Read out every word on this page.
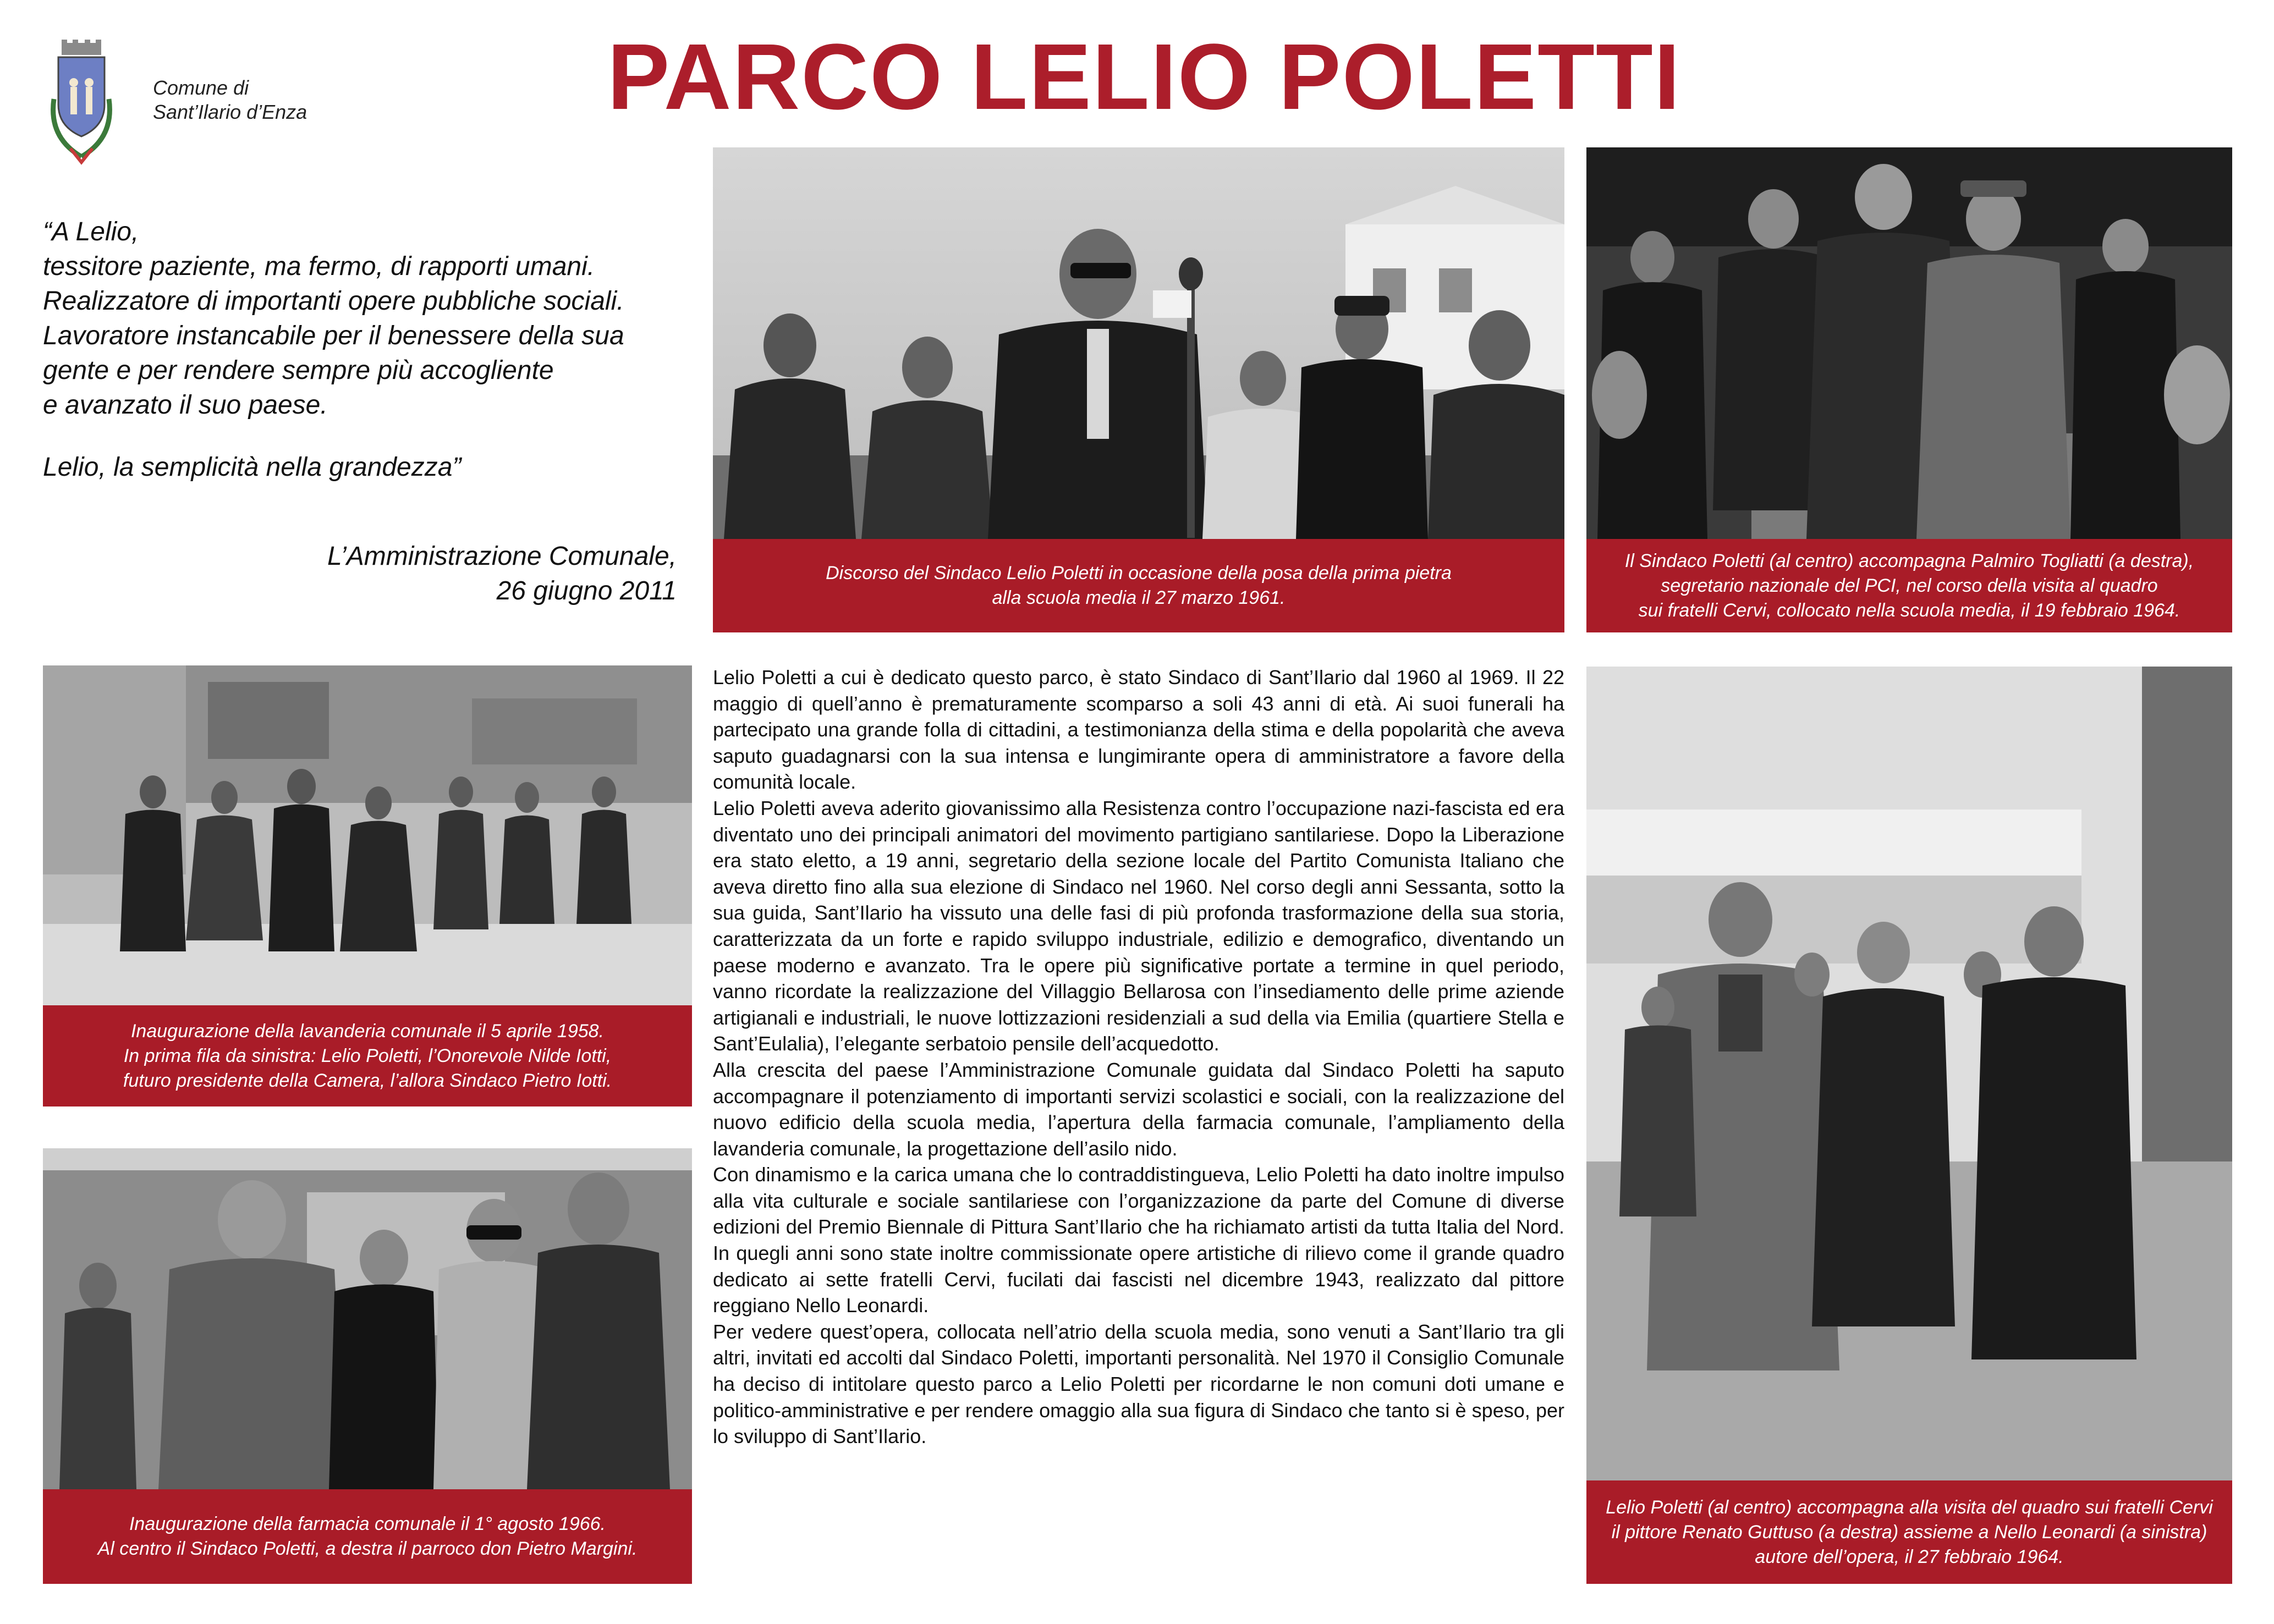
Comune di
Sant’Ilario d’Enza	PARCO LELIO POLETTI
“A Lelio,
tessitore paziente, ma fermo, di rapporti umani.
Realizzatore di importanti opere pubbliche sociali.
Lavoratore instancabile per il benessere della sua
gente e per rendere sempre più accogliente
e avanzato il suo paese.
Lelio, la semplicità nella grandezza”
L’Amministrazione Comunale,
26 giugno 2011
Discorso del Sindaco Lelio Poletti in occasione della posa della prima pietra
alla scuola media il 27 marzo 1961.
Il Sindaco Poletti (al centro) accompagna Palmiro Togliatti (a destra),
segretario nazionale del PCI, nel corso della visita al quadro
sui fratelli Cervi, collocato nella scuola media, il 19 febbraio 1964.
Inaugurazione della lavanderia comunale il 5 aprile 1958.
In prima fila da sinistra: Lelio Poletti, l’Onorevole Nilde Iotti,
futuro presidente della Camera, l’allora Sindaco Pietro Iotti.
Inaugurazione della farmacia comunale il 1° agosto 1966.
Al centro il Sindaco Poletti, a destra il parroco don Pietro Margini.
Lelio Poletti (al centro) accompagna alla visita del quadro sui fratelli Cervi
il pittore Renato Guttuso (a destra) assieme a Nello Leonardi (a sinistra)
autore dell’opera, il 27 febbraio 1964.

Lelio Poletti a cui è dedicato questo parco, è stato Sindaco di Sant’Ilario dal 1960 al 1969. Il 22 maggio di quell’anno è prematuramente scomparso a soli 43 anni di età. Ai suoi funerali ha partecipato una grande folla di cittadini, a testimonianza della stima e della popolarità che aveva saputo guadagnarsi con la sua intensa e lungimirante opera di amministratore a favore della comunità locale.

Lelio Poletti aveva aderito giovanissimo alla Resistenza contro l’occupazione nazi-fascista ed era diventato uno dei principali animatori del movimento partigiano santilariese. Dopo la Liberazione era stato eletto, a 19 anni, segretario della sezione locale del Partito Comunista Italiano che aveva diretto fino alla sua elezione di Sindaco nel 1960. Nel corso degli anni Sessanta, sotto la sua guida, Sant’Ilario ha vissuto una delle fasi di più profonda trasformazione della sua storia, caratterizzata da un forte e rapido sviluppo industriale, edilizio e demografico, diventando un paese moderno e avanzato. Tra le opere più significative portate a termine in quel periodo, vanno ricordate la realizzazione del Villaggio Bellarosa con l’insediamento delle prime aziende artigianali e industriali, le nuove lottizzazioni residenziali a sud della via Emilia (quartiere Stella e Sant’Eulalia), l’elegante serbatoio pensile dell’acquedotto.

Alla crescita del paese l’Amministrazione Comunale guidata dal Sindaco Poletti ha saputo accompagnare il potenziamento di importanti servizi scolastici e sociali, con la realizzazione del nuovo edificio della scuola media, l’apertura della farmacia comunale, l’ampliamento della lavanderia comunale, la progettazione dell’asilo nido.

Con dinamismo e la carica umana che lo contraddistingueva, Lelio Poletti ha dato inoltre impulso alla vita culturale e sociale santilariese con l’organizzazione da parte del Comune di diverse edizioni del Premio Biennale di Pittura Sant’Ilario che ha richiamato artisti da tutta Italia del Nord. In quegli anni sono state inoltre commissionate opere artistiche di rilievo come il grande quadro dedicato ai sette fratelli Cervi, fucilati dai fascisti nel dicembre 1943, realizzato dal pittore reggiano Nello Leonardi.

Per vedere quest’opera, collocata nell’atrio della scuola media, sono venuti a Sant’Ilario tra gli altri, invitati ed accolti dal Sindaco Poletti, importanti personalità. Nel 1970 il Consiglio Comunale ha deciso di intitolare questo parco a Lelio Poletti per ricordarne le non comuni doti umane e politico-amministrative e per rendere omaggio alla sua figura di Sindaco che tanto si è speso, per lo sviluppo di Sant’Ilario.
